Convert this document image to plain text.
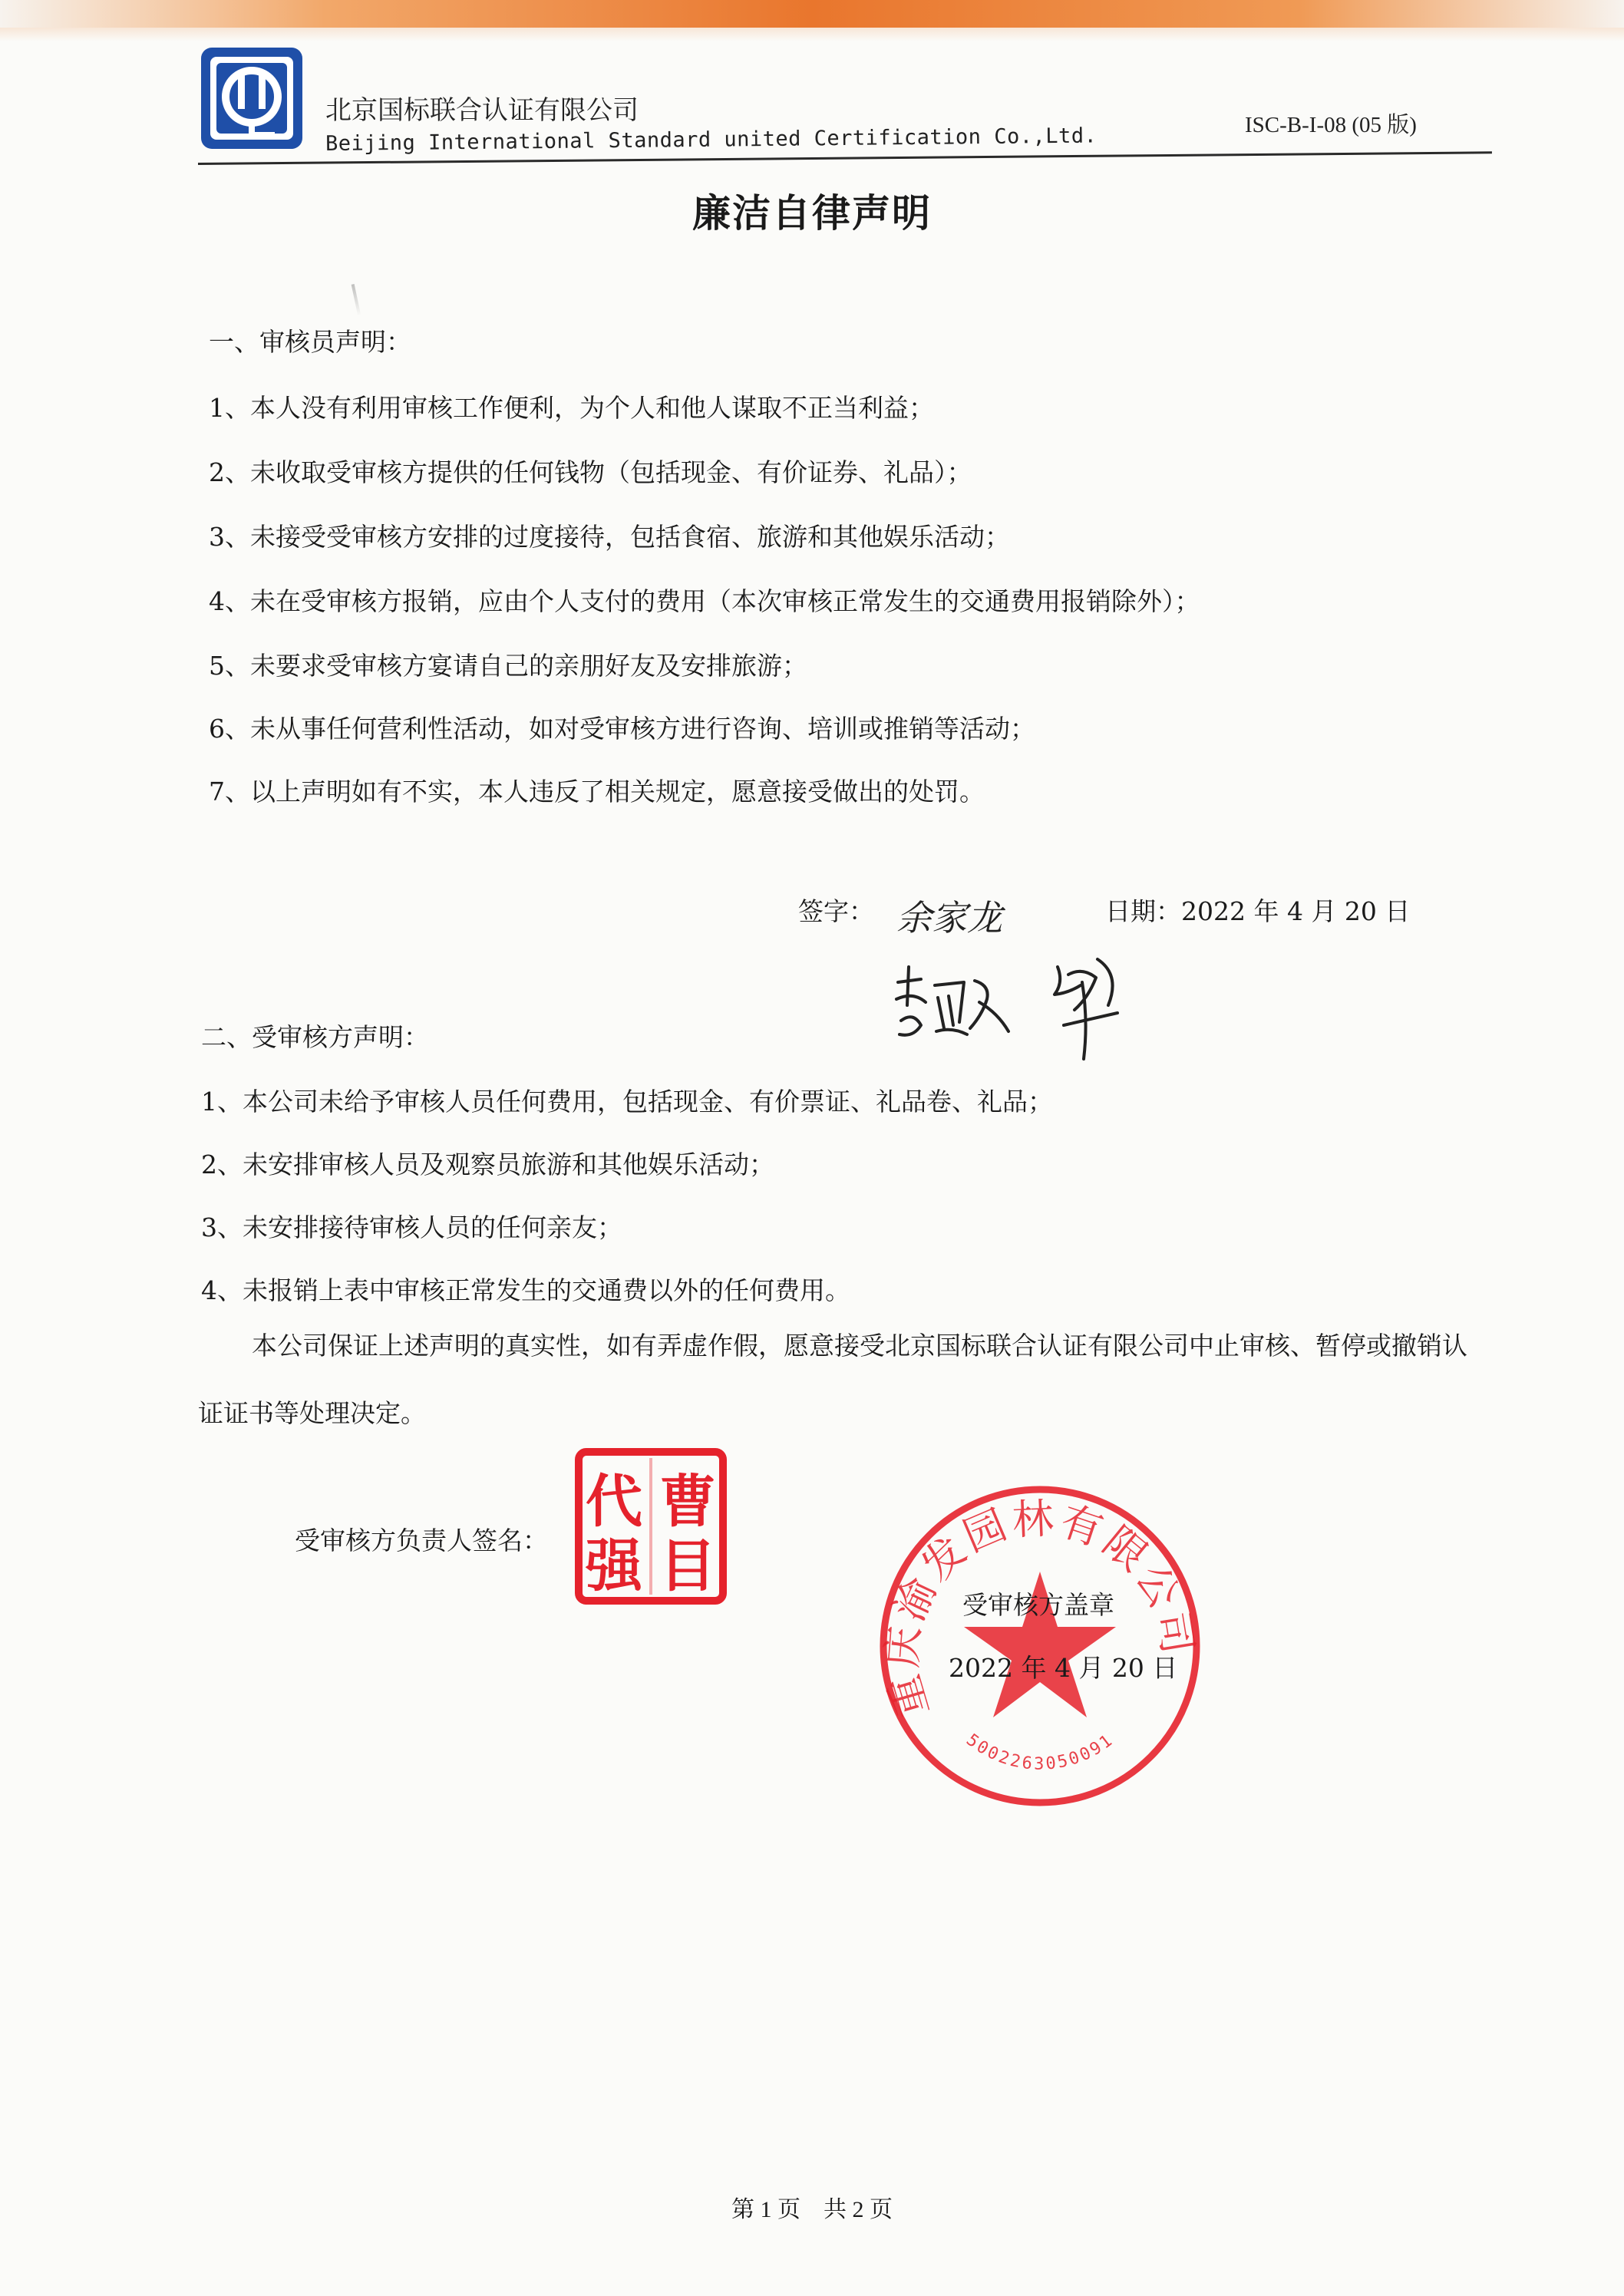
北京国标联合认证有限公司
Beijing International Standard united Certification Co.,Ltd.	ISC-B-I-08 (05 版)
廉洁自律声明
一、审核员声明：
1、本人没有利用审核工作便利，为个人和他人谋取不正当利益；
2、未收取受审核方提供的任何钱物（包括现金、有价证券、礼品）；
3、未接受受审核方安排的过度接待，包括食宿、旅游和其他娱乐活动；
4、未在受审核方报销，应由个人支付的费用（本次审核正常发生的交通费用报销除外）；
5、未要求受审核方宴请自己的亲朋好友及安排旅游；
6、未从事任何营利性活动，如对受审核方进行咨询、培训或推销等活动；
7、以上声明如有不实，本人违反了相关规定，愿意接受做出的处罚。
签字： 余家龙	日期：2022 年 4 月 20 日
二、受审核方声明：
1、本公司未给予审核人员任何费用，包括现金、有价票证、礼品卷、礼品；
2、未安排审核人员及观察员旅游和其他娱乐活动；
3、未安排接待审核人员的任何亲友；
4、未报销上表中审核正常发生的交通费以外的任何费用。
本公司保证上述声明的真实性，如有弄虚作假，愿意接受北京国标联合认证有限公司中止审核、暂停或撤销认证证书等处理决定。
受审核方负责人签名：
代 曹
强 目
重庆渝发园林有限公司
5002263050091
受审核方盖章
2022 年 4 月 20 日
第 1 页　共 2 页
